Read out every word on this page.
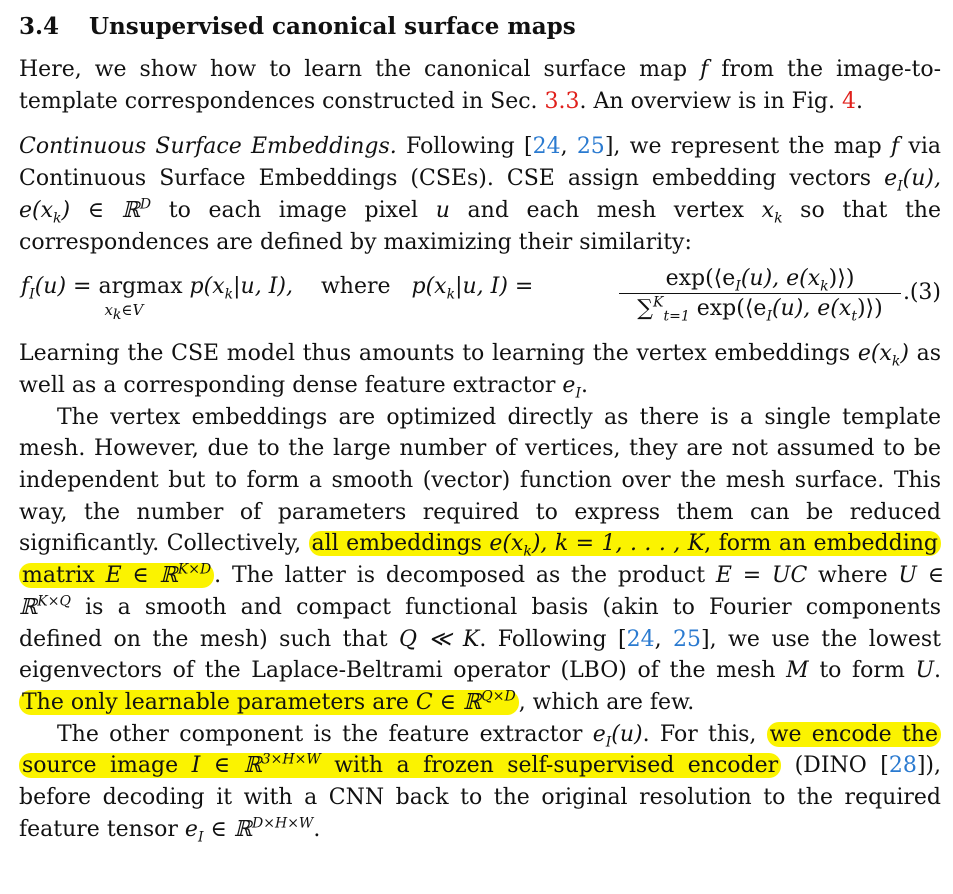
3.4 Unsupervised canonical surface maps

Here, we show how to learn the canonical surface map f from the image-to-template correspondences constructed in Sec. 3.3. An overview is in Fig. 4.

Continuous Surface Embeddings. Following [24, 25], we represent the map f via Continuous Surface Embeddings (CSEs). CSE assign embedding vectors $e_I(u)$, $e(x_k)$ ∈ ℝ$^D$ to each image pixel u and each mesh vertex $x_k$ so that the correspondences are defined by maximizing their similarity:

$f_I(u) = argmax$
$x_k\in V$
$p(x_k|u$, I), where $p(x_k|u$, I) =	$\frac{\exp(⟨e_I(u), e(x_k)⟩)}{\sum^K_{t=1} \exp(⟨e_I(u), e(x_t)⟩)}$ . (3)

Learning the CSE model thus amounts to learning the vertex embeddings $e(x_k)$ as well as a corresponding dense feature extractor $e_I$.

The vertex embeddings are optimized directly as there is a single template mesh. However, due to the large number of vertices, they are not assumed to be independent but to form a smooth (vector) function over the mesh surface. This way, the number of parameters required to express them can be reduced significantly. Collectively, all embeddings $e(x_k)$, k = 1, . . . , K, form an embedding matrix E ∈ ℝ$^{K\times D}$ . The latter is decomposed as the product E = UC where U ∈ ℝ$^{K\times Q}$ is a smooth and compact functional basis (akin to Fourier components defined on the mesh) such that Q ≪ K. Following [24, 25], we use the lowest eigenvectors of the Laplace-Beltrami operator (LBO) of the mesh M to form U. The only learnable parameters are C ∈ ℝ$^{Q\times D}$ , which are few.

The other component is the feature extractor $e_I(u)$. For this, we encode the source image I ∈ ℝ$^{3\times H\times W}$ with a frozen self-supervised encoder (DINO [28]), before decoding it with a CNN back to the original resolution to the required feature tensor $e_I$ ∈ ℝ$^{D\times H\times W}$.
